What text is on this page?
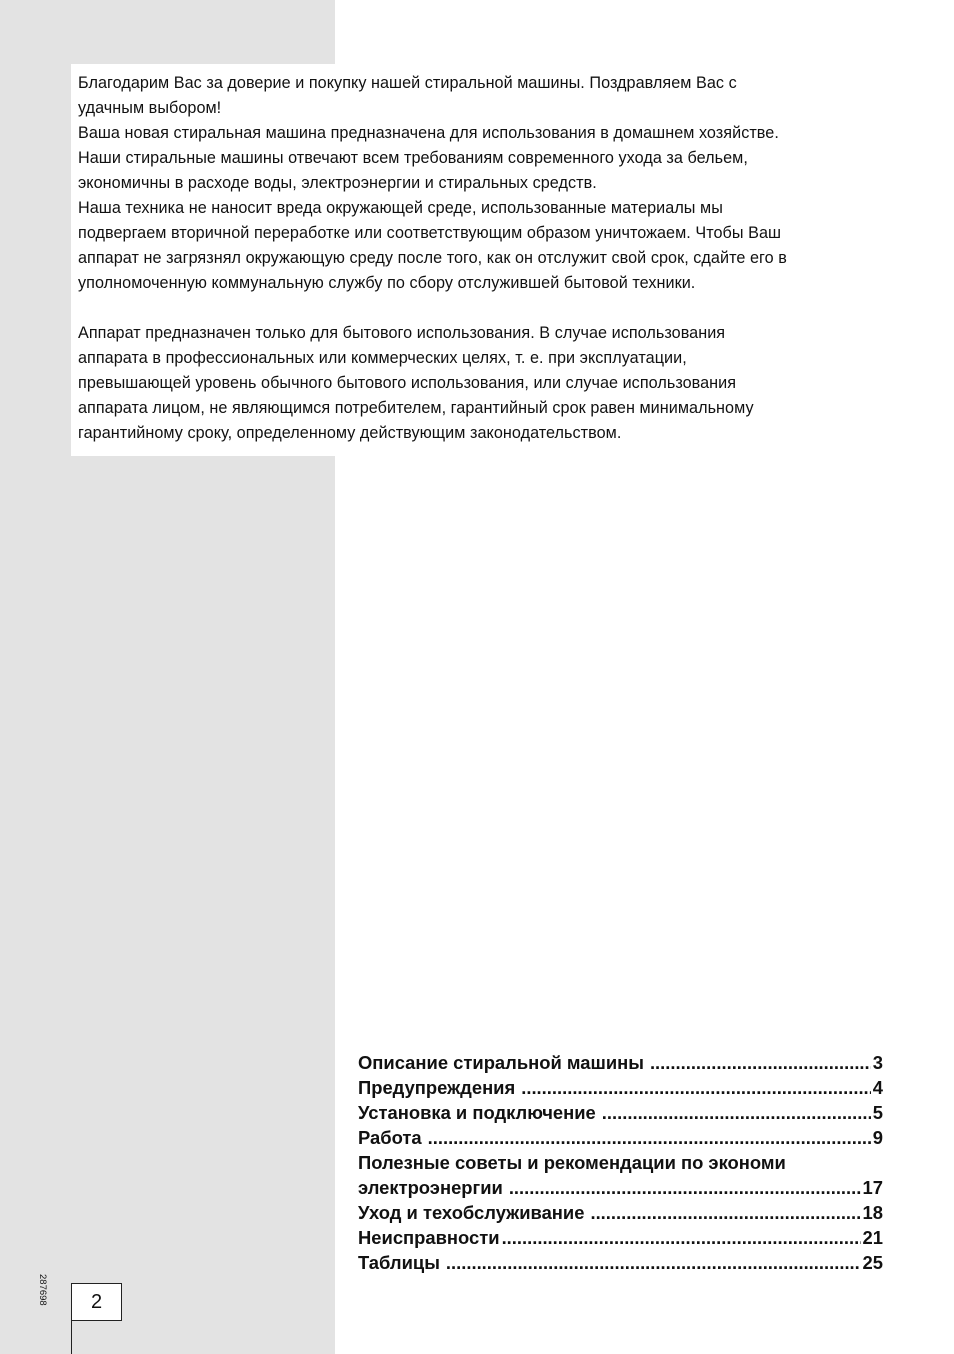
Благодарим Вас за доверие и покупку нашей стиральной машины. Поздравляем Вас с

удачным выбором!

Ваша новая стиральная машина предназначена для использования в домашнем хозяйстве.

Наши стиральные машины отвечают всем требованиям современного ухода за бельем,

экономичны в расходе воды, электроэнергии и стиральных средств.

Наша техника не наносит вреда окружающей среде, использованные материалы мы

подвергаем вторичной переработке или соответствующим образом уничтожаем. Чтобы Ваш

аппарат не загрязнял окружающую среду после того, как он отслужит свой срок, сдайте его в

уполномоченную коммунальную службу по сбору отслужившей бытовой техники.

Аппарат предназначен только для бытового использования. В случае использования

аппарата в профессиональных или коммерческих целях, т. е. при эксплуатации,

превышающей уровень обычного бытового использования, или случае использования

аппарата лицом, не являющимся потребителем, гарантийный срок равен минимальному

гарантийному сроку, определенному действующим законодательством.

Описание стиральной машины .....	3
Предупреждения .....	4
Установка и подключение .....	5
Работа .....	9
Полезные советы и рекомендации по экономи
электроэнергии .....	17
Уход и техобслуживание .....	18
Неисправности .....	21
Таблицы .....	25
287698	2
